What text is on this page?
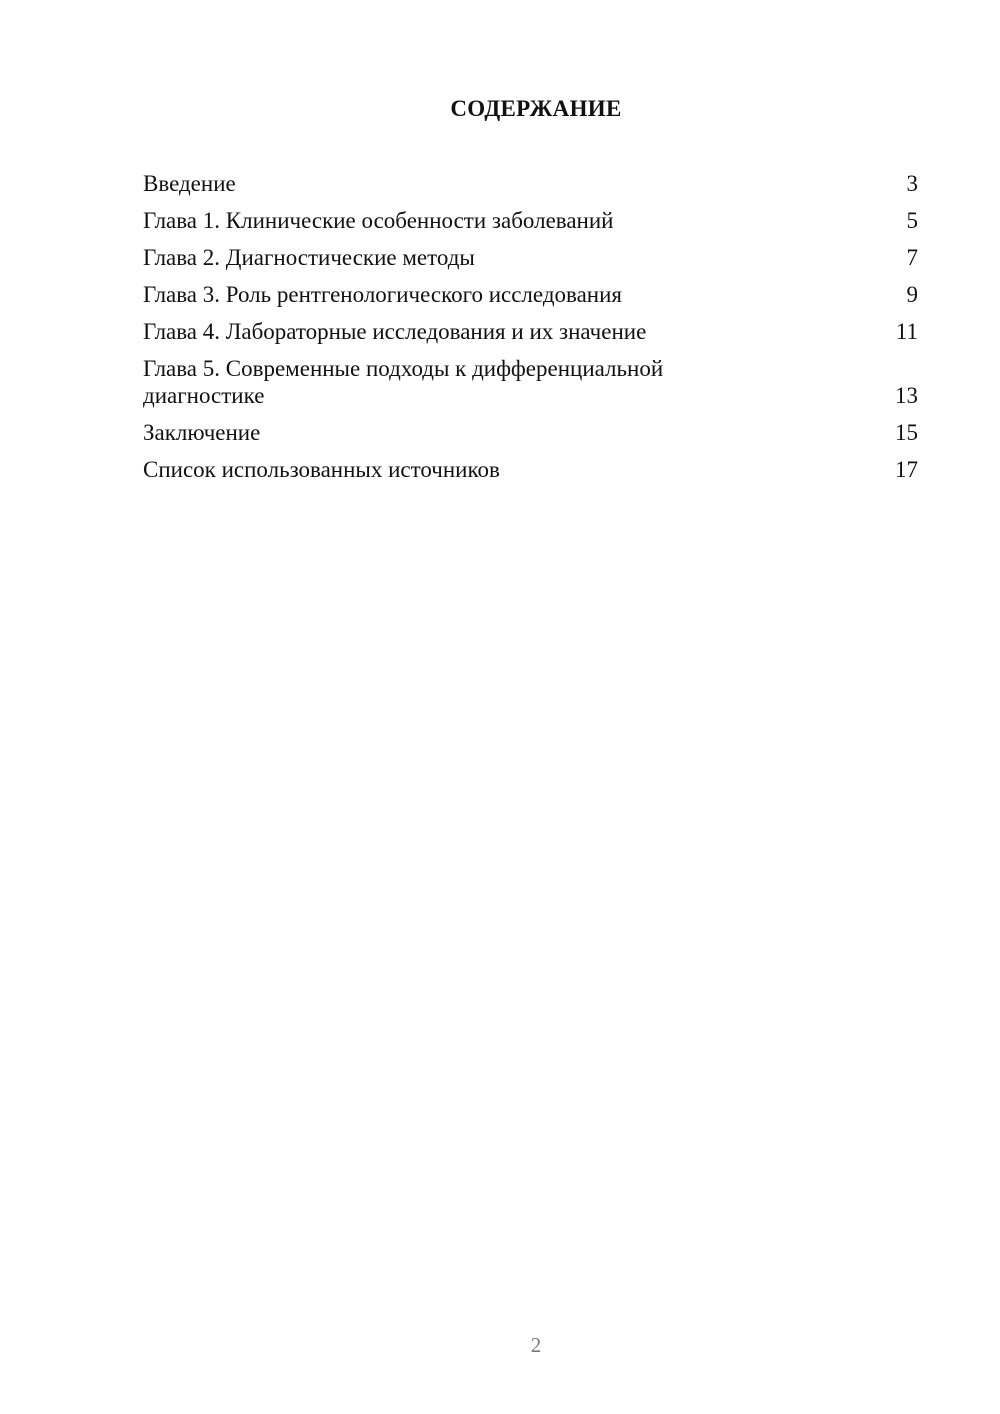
СОДЕРЖАНИЕ
Введение	3
Глава 1. Клинические особенности заболеваний	5
Глава 2. Диагностические методы	7
Глава 3. Роль рентгенологического исследования	9
Глава 4. Лабораторные исследования и их значение	11
Глава 5. Современные подходы к дифференциальной диагностике	13
Заключение	15
Список использованных источников	17
2
